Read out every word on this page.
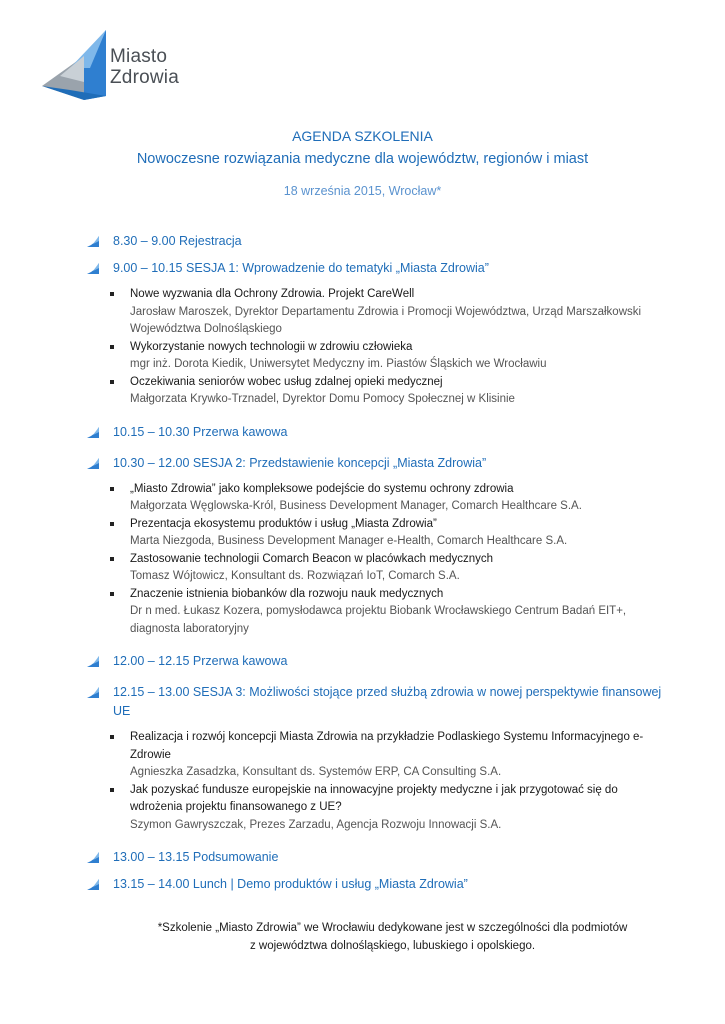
Miasto
Zdrowia
AGENDA SZKOLENIA
Nowoczesne rozwiązania medyczne dla województw, regionów i miast
18 września 2015, Wrocław*
8.30 – 9.00 Rejestracja
9.00 – 10.15 SESJA 1: Wprowadzenie do tematyki „Miasta Zdrowia”
Nowe wyzwania dla Ochrony Zdrowia. Projekt CareWell
Jarosław Maroszek, Dyrektor Departamentu Zdrowia i Promocji Województwa, Urząd Marszałkowski Województwa Dolnośląskiego
Wykorzystanie nowych technologii w zdrowiu człowieka
mgr inż. Dorota Kiedik, Uniwersytet Medyczny im. Piastów Śląskich we Wrocławiu
Oczekiwania seniorów wobec usług zdalnej opieki medycznej
Małgorzata Krywko-Trznadel, Dyrektor Domu Pomocy Społecznej w Klisinie
10.15 – 10.30 Przerwa kawowa
10.30 – 12.00 SESJA 2: Przedstawienie koncepcji „Miasta Zdrowia”
„Miasto Zdrowia” jako kompleksowe podejście do systemu ochrony zdrowia
Małgorzata Węglowska-Król, Business Development Manager, Comarch Healthcare S.A.
Prezentacja ekosystemu produktów i usług „Miasta Zdrowia”
Marta Niezgoda, Business Development Manager e-Health, Comarch Healthcare S.A.
Zastosowanie technologii Comarch Beacon w placówkach medycznych
Tomasz Wójtowicz, Konsultant ds. Rozwiązań IoT, Comarch S.A.
Znaczenie istnienia biobanków dla rozwoju nauk medycznych
Dr n med. Łukasz Kozera, pomysłodawca projektu Biobank Wrocławskiego Centrum Badań EIT+, diagnosta laboratoryjny
12.00 – 12.15 Przerwa kawowa
12.15 – 13.00 SESJA 3: Możliwości stojące przed służbą zdrowia w nowej perspektywie finansowej UE
Realizacja i rozwój koncepcji Miasta Zdrowia na przykładzie Podlaskiego Systemu Informacyjnego e-Zdrowie
Agnieszka Zasadzka, Konsultant ds. Systemów ERP, CA Consulting S.A.
Jak pozyskać fundusze europejskie na innowacyjne projekty medyczne i jak przygotować się do wdrożenia projektu finansowanego z UE?
Szymon Gawryszczak, Prezes Zarzadu, Agencja Rozwoju Innowacji S.A.
13.00 – 13.15 Podsumowanie
13.15 – 14.00 Lunch | Demo produktów i usług „Miasta Zdrowia”
*Szkolenie „Miasto Zdrowia” we Wrocławiu dedykowane jest w szczególności dla podmiotów
z województwa dolnośląskiego, lubuskiego i opolskiego.
